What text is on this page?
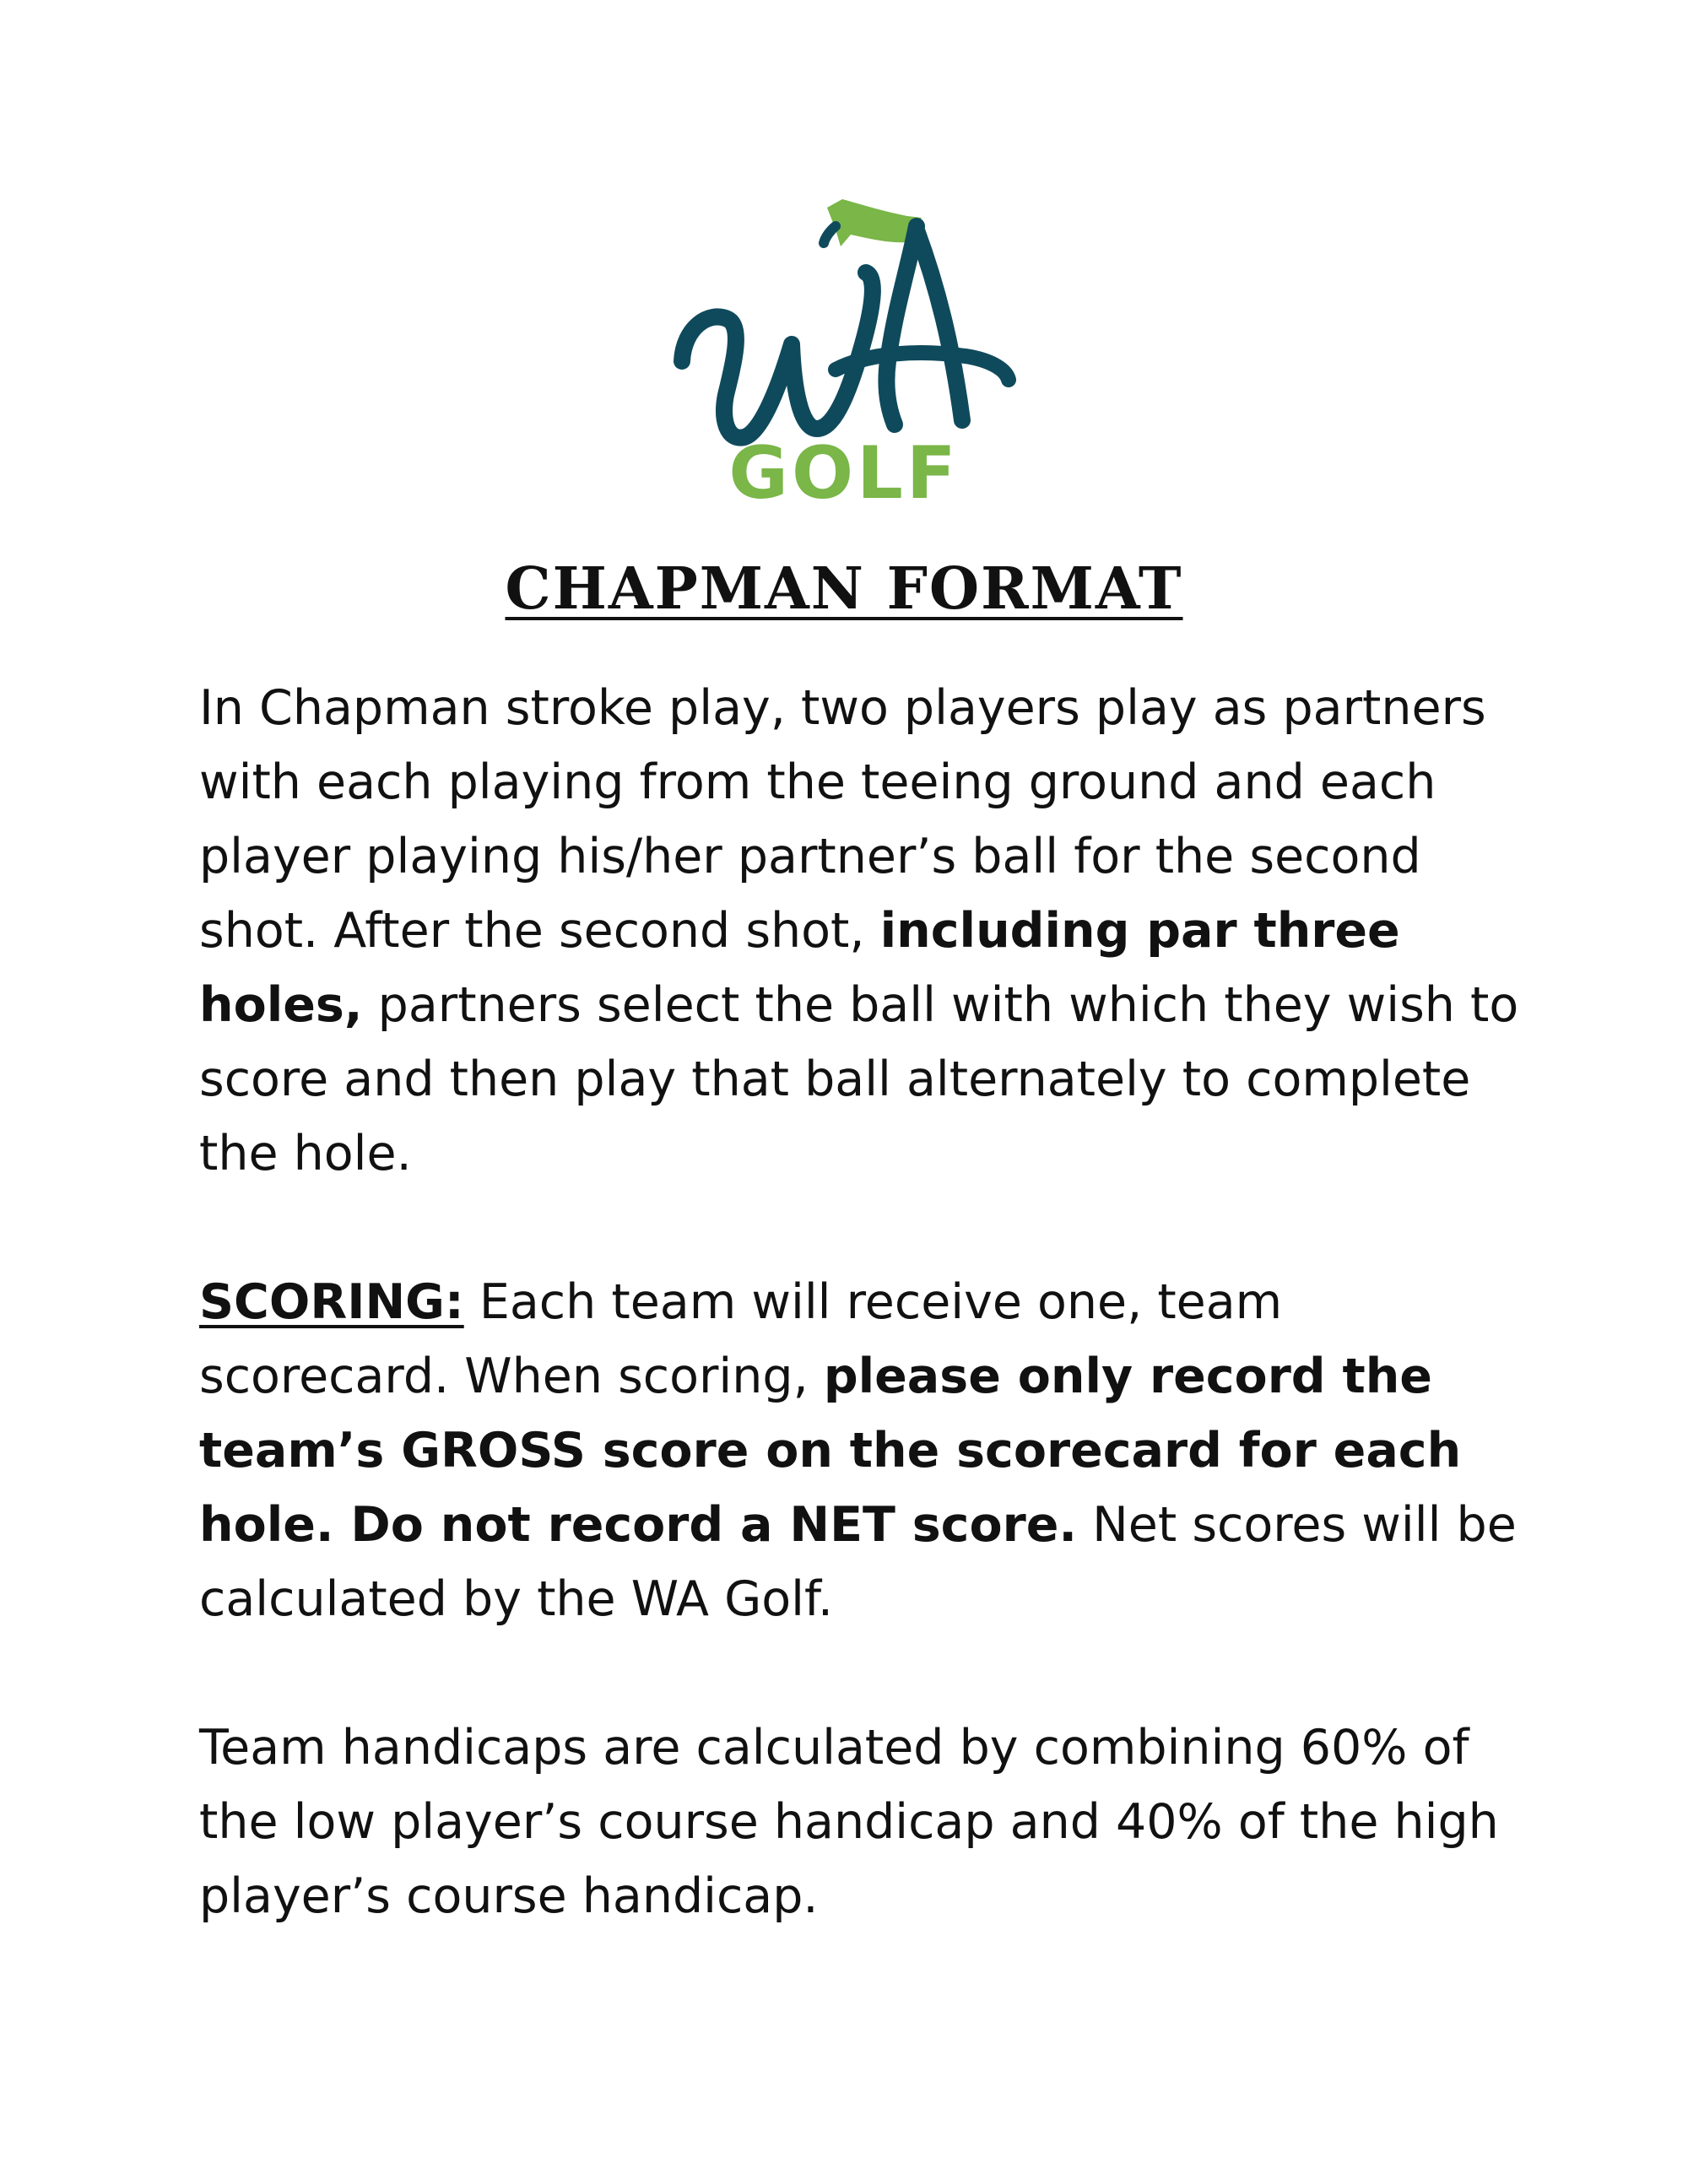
GOLF
CHAPMAN FORMAT

In Chapman stroke play, two players play as partners with each playing from the teeing ground and each player playing his/her partner’s ball for the second shot. After the second shot, including par three holes, partners select the ball with which they wish to score and then play that ball alternately to complete the hole.

SCORING: Each team will receive one, team scorecard. When scoring, please only record the team’s GROSS score on the scorecard for each hole. Do not record a NET score. Net scores will be calculated by the WA Golf.

Team handicaps are calculated by combining 60% of the low player’s course handicap and 40% of the high player’s course handicap.
